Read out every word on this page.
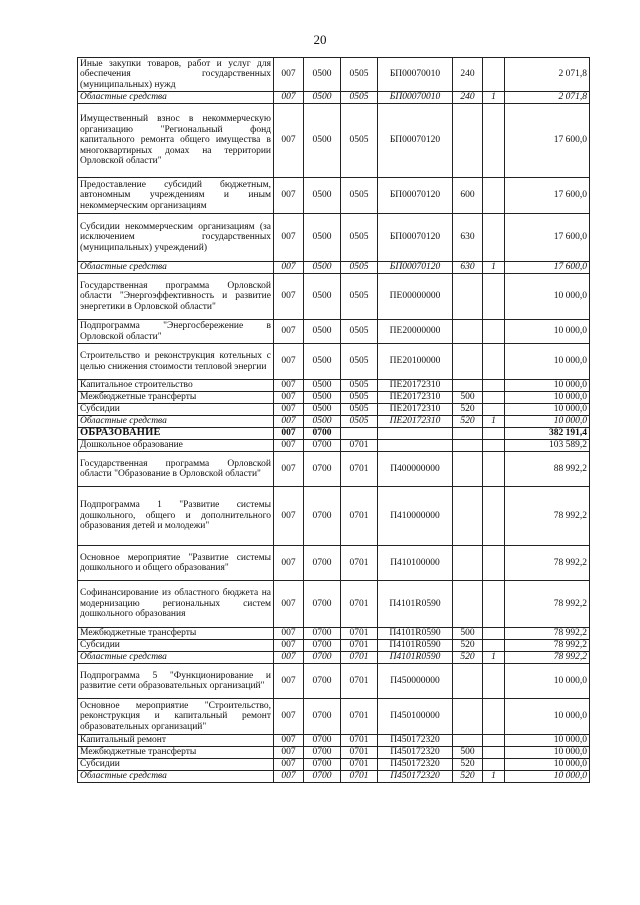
20
Иные закупки товаров, работ и услуг для обеспечения государственных (муниципальных) нужд	007	0500	0505	БП00070010	240		2 071,8
Областные средства	007	0500	0505	БП00070010	240	1	2 071,8
Имущественный взнос в некоммерческую организацию "Региональный фонд капитального ремонта общего имущества в многоквартирных домах на территории Орловской области"	007	0500	0505	БП00070120			17 600,0
Предоставление субсидий бюджетным, автономным учреждениям и иным некоммерческим организациям	007	0500	0505	БП00070120	600		17 600,0
Субсидии некоммерческим организациям (за исключением государственных (муниципальных) учреждений)	007	0500	0505	БП00070120	630		17 600,0
Областные средства	007	0500	0505	БП00070120	630	1	17 600,0
Государственная программа Орловской области "Энергоэффективность и развитие энергетики в Орловской области"	007	0500	0505	ПЕ00000000			10 000,0
Подпрограмма "Энергосбережение в Орловской области"	007	0500	0505	ПЕ20000000			10 000,0
Строительство и реконструкция котельных с целью снижения стоимости тепловой энергии	007	0500	0505	ПЕ20100000			10 000,0
Капитальное строительство	007	0500	0505	ПЕ20172310			10 000,0
Межбюджетные трансферты	007	0500	0505	ПЕ20172310	500		10 000,0
Субсидии	007	0500	0505	ПЕ20172310	520		10 000,0
Областные средства	007	0500	0505	ПЕ20172310	520	1	10 000,0
ОБРАЗОВАНИЕ	007	0700					382 191,4
Дошкольное образование	007	0700	0701				103 589,2
Государственная программа Орловской области "Образование в Орловской области"	007	0700	0701	П400000000			88 992,2
Подпрограмма 1 "Развитие системы дошкольного, общего и дополнительного образования детей и молодежи"	007	0700	0701	П410000000			78 992,2
Основное мероприятие "Развитие системы дошкольного и общего образования"	007	0700	0701	П410100000			78 992,2
Софинансирование из областного бюджета на модернизацию региональных систем дошкольного образования	007	0700	0701	П4101R0590			78 992,2
Межбюджетные трансферты	007	0700	0701	П4101R0590	500		78 992,2
Субсидии	007	0700	0701	П4101R0590	520		78 992,2
Областные средства	007	0700	0701	П4101R0590	520	1	78 992,2
Подпрограмма 5 "Функционирование и развитие сети образовательных организаций"	007	0700	0701	П450000000			10 000,0
Основное мероприятие "Строительство, реконструкция и капитальный ремонт образовательных организаций"	007	0700	0701	П450100000			10 000,0
Капитальный ремонт	007	0700	0701	П450172320			10 000,0
Межбюджетные трансферты	007	0700	0701	П450172320	500		10 000,0
Субсидии	007	0700	0701	П450172320	520		10 000,0
Областные средства	007	0700	0701	П450172320	520	1	10 000,0
